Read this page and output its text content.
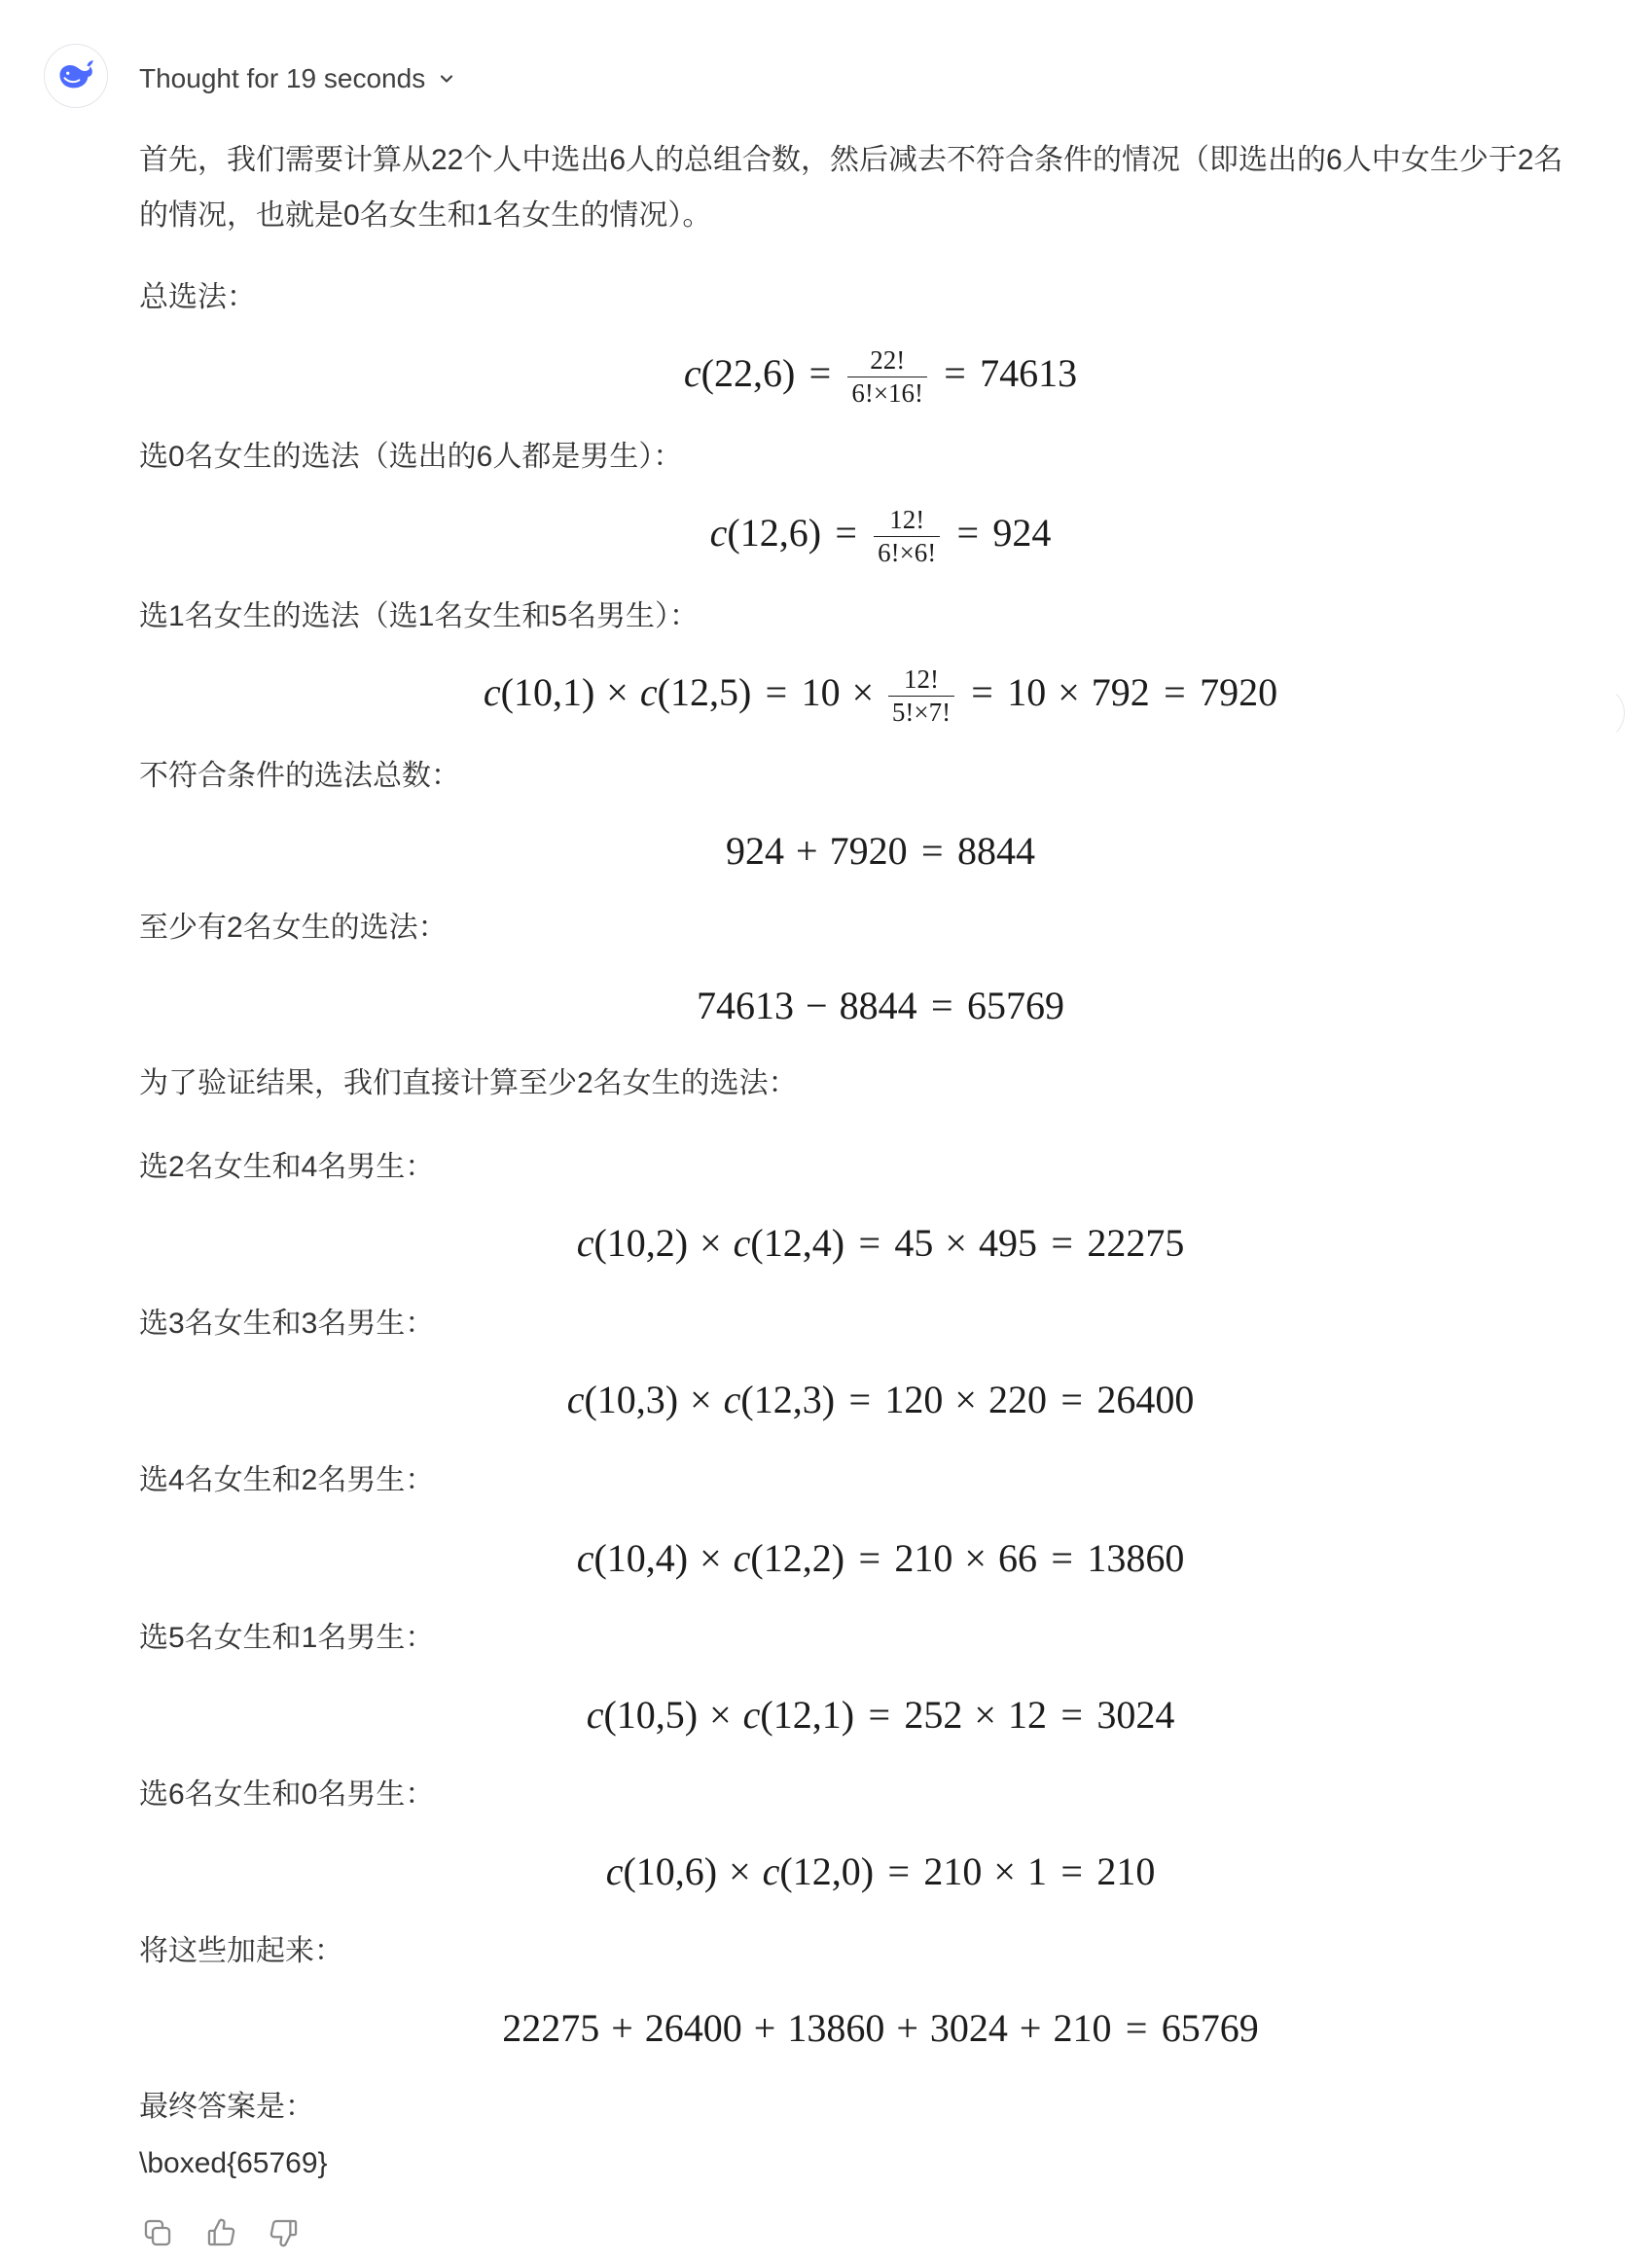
Thought for 19 seconds
首先，我们需要计算从22个人中选出6人的总组合数，然后减去不符合条件的情况（即选出的6人中女生少于2名的情况，也就是0名女生和1名女生的情况）。
总选法：
$c(22,6) = \frac{22!}{6!\times 16!} = 74613$
选0名女生的选法（选出的6人都是男生）：
$c(12,6) = \frac{12!}{6!\times 6!} = 924$
选1名女生的选法（选1名女生和5名男生）：
$c(10,1) \times c(12,5) = 10 \times \frac{12!}{5!\times 7!} = 10 \times 792 = 7920$
不符合条件的选法总数：
924 + 7920 = 8844
至少有2名女生的选法：
74613 − 8844 = 65769
为了验证结果，我们直接计算至少2名女生的选法：
选2名女生和4名男生：
c(10,2) × c(12,4) = 45 × 495 = 22275
选3名女生和3名男生：
c(10,3) × c(12,3) = 120 × 220 = 26400
选4名女生和2名男生：
c(10,4) × c(12,2) = 210 × 66 = 13860
选5名女生和1名男生：
c(10,5) × c(12,1) = 252 × 12 = 3024
选6名女生和0名男生：
c(10,6) × c(12,0) = 210 × 1 = 210
将这些加起来：
22275 + 26400 + 13860 + 3024 + 210 = 65769
最终答案是：
\boxed{65769}
